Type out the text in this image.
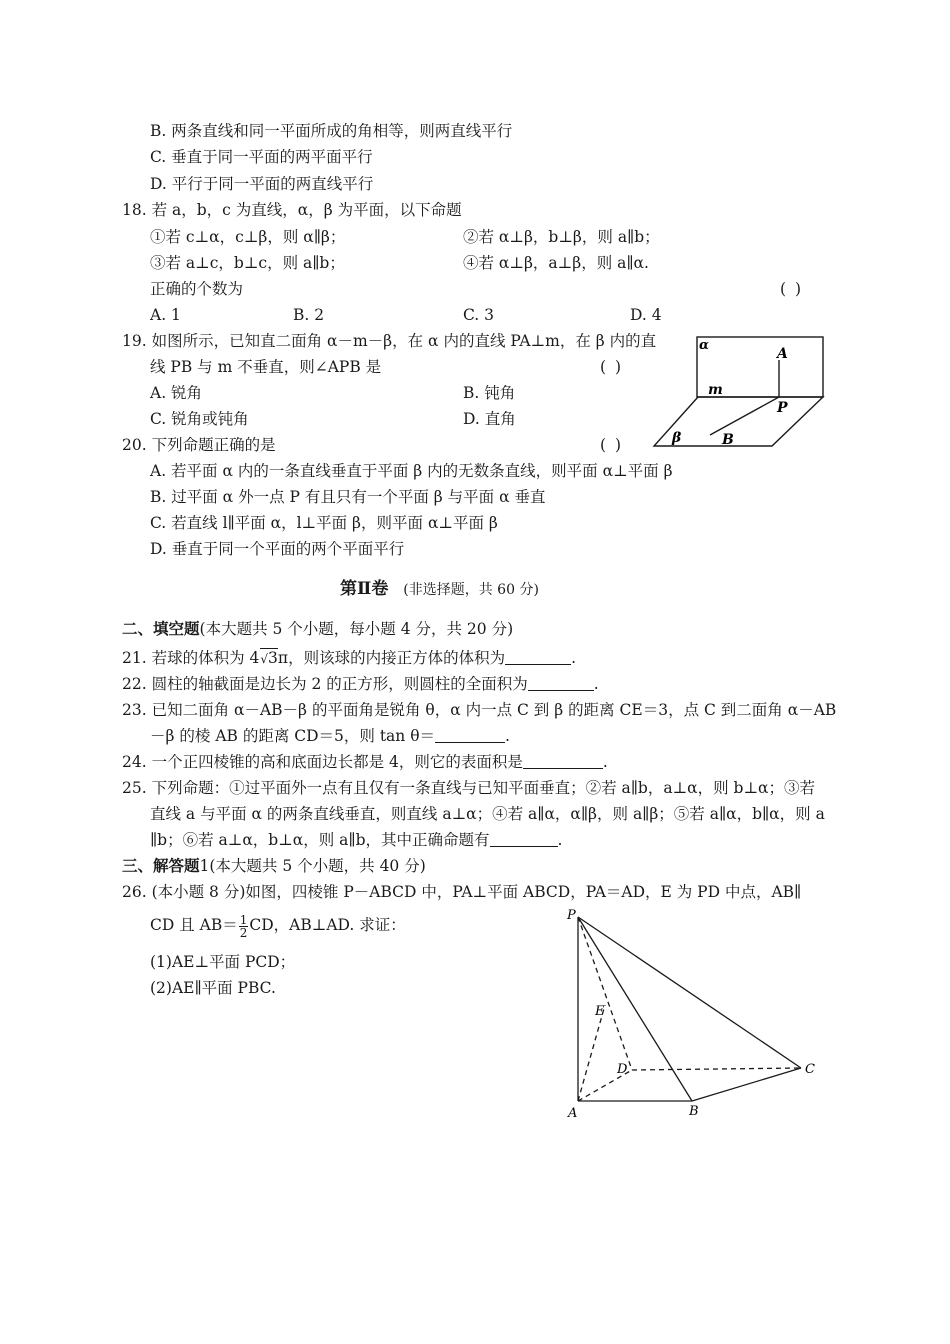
B. 两条直线和同一平面所成的角相等，则两直线平行
C. 垂直于同一平面的两平面平行
D. 平行于同一平面的两直线平行
18. 若 a，b，c 为直线，α，β 为平面，以下命题
①若 c⊥α，c⊥β，则 α∥β；	②若 α⊥β，b⊥β，则 a∥b；
③若 a⊥c，b⊥c，则 a∥b；	④若 α⊥β，a⊥β，则 a∥α.
正确的个数为	( )
A. 1	B. 2	C. 3	D. 4
19. 如图所示，已知直二面角 α－m－β，在 α 内的直线 PA⊥m，在 β 内的直
线 PB 与 m 不垂直，则∠APB 是	( )
A. 锐角	B. 钝角
C. 锐角或钝角	D. 直角
α
A
m
P
β	B
20. 下列命题正确的是	( )
A. 若平面 α 内的一条直线垂直于平面 β 内的无数条直线，则平面 α⊥平面 β
B. 过平面 α 外一点 P 有且只有一个平面 β 与平面 α 垂直
C. 若直线 l∥平面 α，l⊥平面 β，则平面 α⊥平面 β
D. 垂直于同一个平面的两个平面平行
第Ⅱ卷 (非选择题，共 60 分)
二、填空题(本大题共 5 个小题，每小题 4 分，共 20 分)
21. 若球的体积为 4√3π，则该球的内接正方体的体积为	.
22. 圆柱的轴截面是边长为 2 的正方形，则圆柱的全面积为	.
23. 已知二面角 α－AB－β 的平面角是锐角 θ，α 内一点 C 到 β 的距离 CE＝3，点 C 到二面角 α－AB
－β 的棱 AB 的距离 CD＝5，则 tan θ＝	.
24. 一个正四棱锥的高和底面边长都是 4，则它的表面积是	.
25. 下列命题：①过平面外一点有且仅有一条直线与已知平面垂直；②若 a∥b，a⊥α，则 b⊥α；③若
直线 a 与平面 α 的两条直线垂直，则直线 a⊥α；④若 a∥α，α∥β，则 a∥β；⑤若 a∥α，b∥α，则 a
∥b；⑥若 a⊥α，b⊥α，则 a∥b，其中正确命题有	.
三、解答题1(本大题共 5 个小题，共 40 分)
26. (本小题 8 分)如图，四棱锥 P－ABCD 中，PA⊥平面 ABCD，PA＝AD，E 为 PD 中点，AB∥
CD 且 $AB= \frac{1}{2}$ CD，AB⊥AD. 求证：
(1)AE⊥平面 PCD；
(2)AE∥平面 PBC.
P
E
D	C
A	B
